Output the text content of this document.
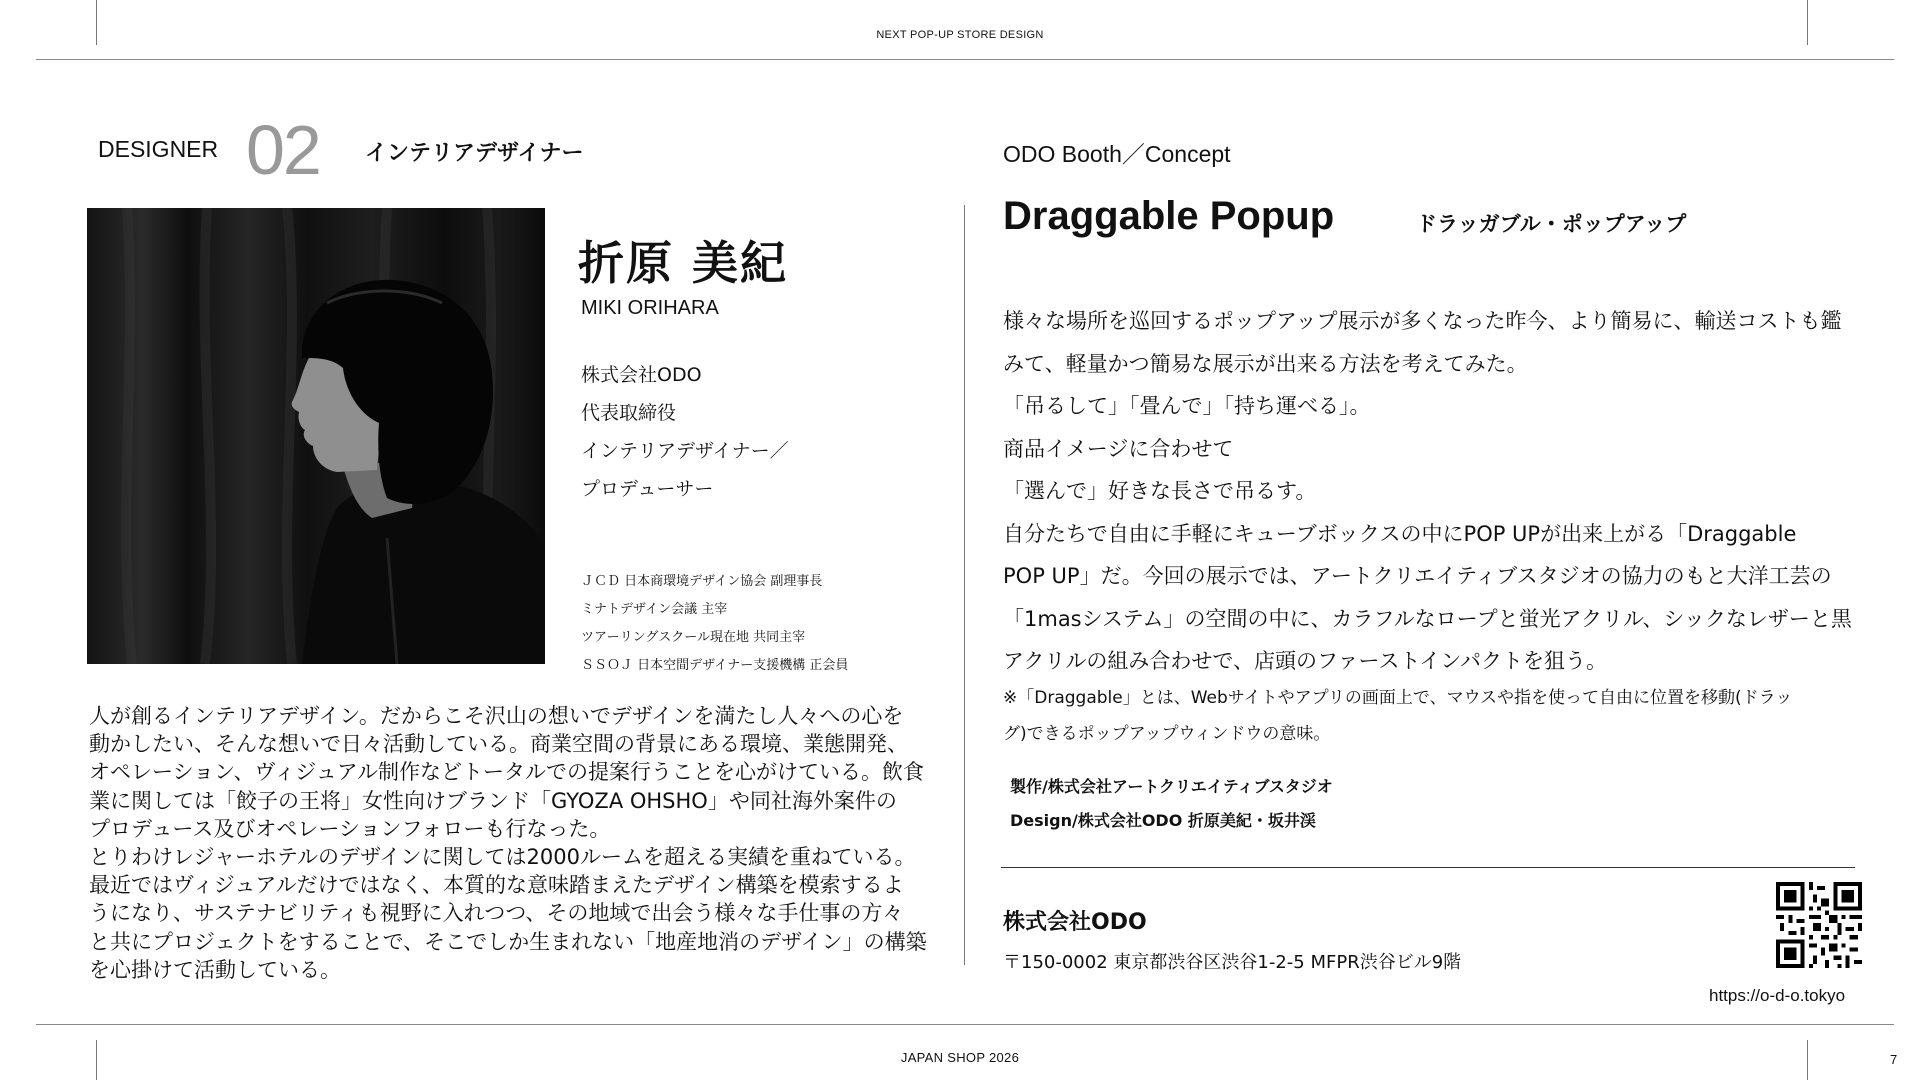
NEXT POP-UP STORE DESIGN
DESIGNER 02 インテリアデザイナー
折原 美紀
MIKI ORIHARA
株式会社ODO
代表取締役
インテリアデザイナー／
プロデューサー
ＪＣＤ 日本商環境デザイン協会 副理事長
ミナトデザイン会議 主宰
ツアーリングスクール現在地 共同主宰
ＳＳＯＪ 日本空間デザイナー支援機構 正会員
人が創るインテリアデザイン。だからこそ沢山の想いでデザインを満たし人々への心を
動かしたい、そんな想いで日々活動している。商業空間の背景にある環境、業態開発、
オペレーション、ヴィジュアル制作などトータルでの提案行うことを心がけている。飲食
業に関しては「餃子の王将」女性向けブランド「GYOZA OHSHO」や同社海外案件の
プロデュース及びオペレーションフォローも行なった。
とりわけレジャーホテルのデザインに関しては2000ルームを超える実績を重ねている。
最近ではヴィジュアルだけではなく、本質的な意味踏まえたデザイン構築を模索するよ
うになり、サステナビリティも視野に入れつつ、その地域で出会う様々な手仕事の方々
と共にプロジェクトをすることで、そこでしか生まれない「地産地消のデザイン」の構築
を心掛けて活動している。
ODO Booth／Concept
Draggable Popup	ドラッガブル・ポップアップ
様々な場所を巡回するポップアップ展示が多くなった昨今、より簡易に、輸送コストも鑑
みて、軽量かつ簡易な展示が出来る方法を考えてみた。
「吊るして」「畳んで」「持ち運べる」。
商品イメージに合わせて
「選んで」好きな長さで吊るす。
自分たちで自由に手軽にキューブボックスの中にPOP UPが出来上がる「Draggable
POP UP」だ。今回の展示では、アートクリエイティブスタジオの協力のもと大洋工芸の
「1masシステム」の空間の中に、カラフルなロープと蛍光アクリル、シックなレザーと黒
アクリルの組み合わせで、店頭のファーストインパクトを狙う。
※「Draggable」とは、Webサイトやアプリの画面上で、マウスや指を使って自由に位置を移動(ドラッ
グ)できるポップアップウィンドウの意味。
製作/株式会社アートクリエイティブスタジオ
Design/株式会社ODO 折原美紀・坂井渓
株式会社ODO
〒150-0002 東京都渋谷区渋谷1-2-5 MFPR渋谷ビル9階
https://o-d-o.tokyo
JAPAN SHOP 2026	7
